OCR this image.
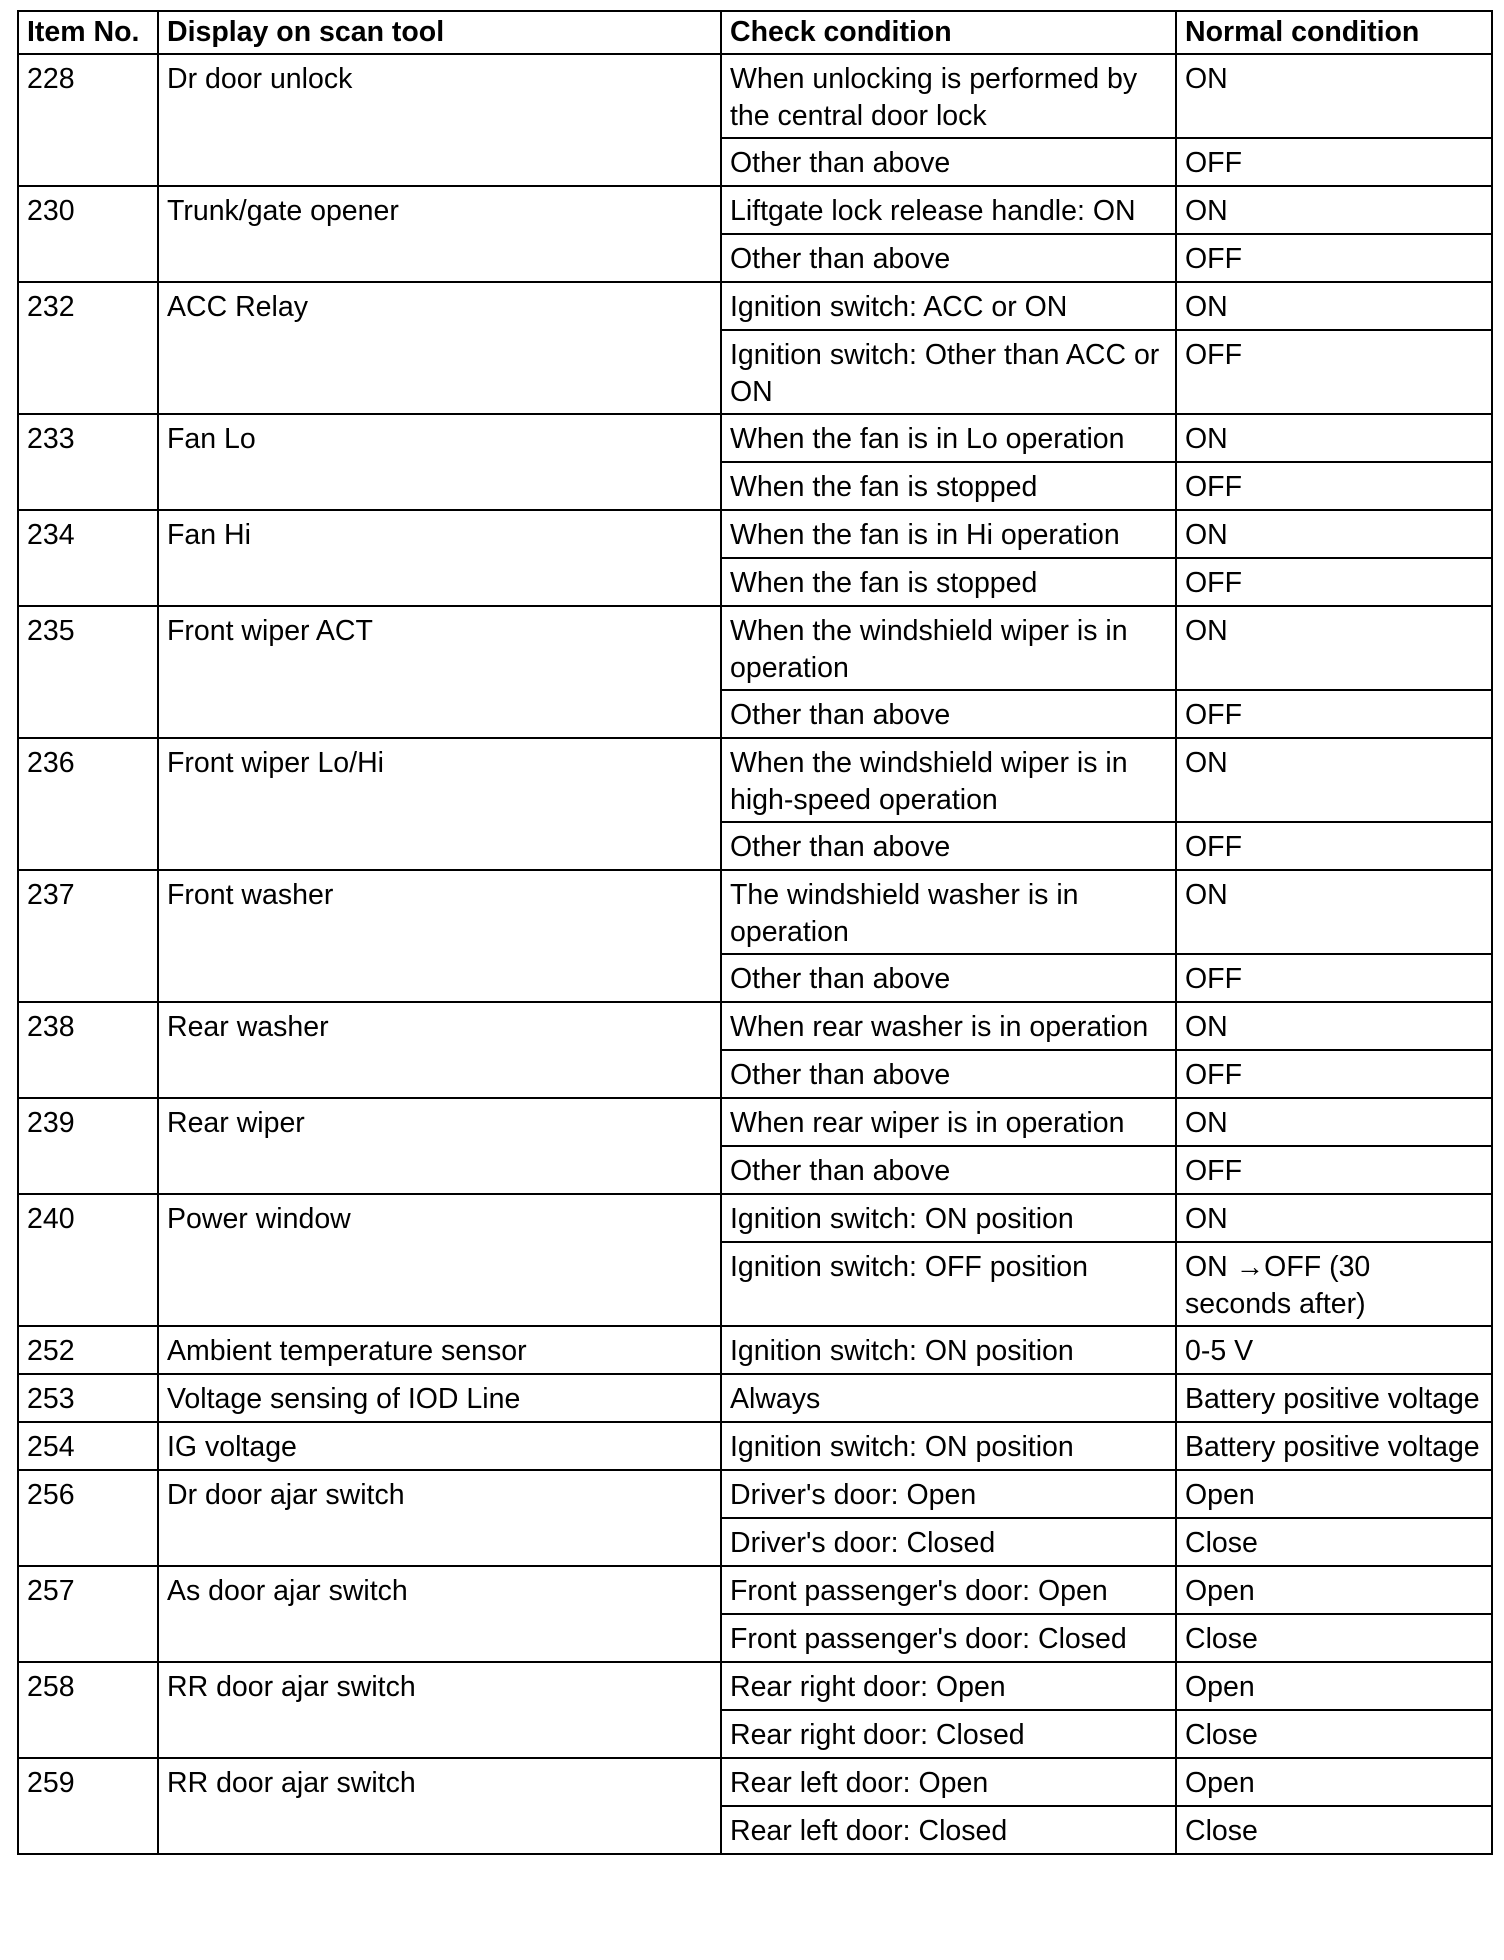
Item No.	Display on scan tool	Check condition	Normal condition
228	Dr door unlock	When unlocking is performed by the central door lock	ON
		Other than above	OFF
230	Trunk/gate opener	Liftgate lock release handle: ON	ON
		Other than above	OFF
232	ACC Relay	Ignition switch: ACC or ON	ON
		Ignition switch: Other than ACC or ON	OFF
233	Fan Lo	When the fan is in Lo operation	ON
		When the fan is stopped	OFF
234	Fan Hi	When the fan is in Hi operation	ON
		When the fan is stopped	OFF
235	Front wiper ACT	When the windshield wiper is in operation	ON
		Other than above	OFF
236	Front wiper Lo/Hi	When the windshield wiper is in high-speed operation	ON
		Other than above	OFF
237	Front washer	The windshield washer is in operation	ON
		Other than above	OFF
238	Rear washer	When rear washer is in operation	ON
		Other than above	OFF
239	Rear wiper	When rear wiper is in operation	ON
		Other than above	OFF
240	Power window	Ignition switch: ON position	ON
		Ignition switch: OFF position	ON →OFF (30 seconds after)
252	Ambient temperature sensor	Ignition switch: ON position	0-5 V
253	Voltage sensing of IOD Line	Always	Battery positive voltage
254	IG voltage	Ignition switch: ON position	Battery positive voltage
256	Dr door ajar switch	Driver's door: Open	Open
		Driver's door: Closed	Close
257	As door ajar switch	Front passenger's door: Open	Open
		Front passenger's door: Closed	Close
258	RR door ajar switch	Rear right door: Open	Open
		Rear right door: Closed	Close
259	RR door ajar switch	Rear left door: Open	Open
		Rear left door: Closed	Close
